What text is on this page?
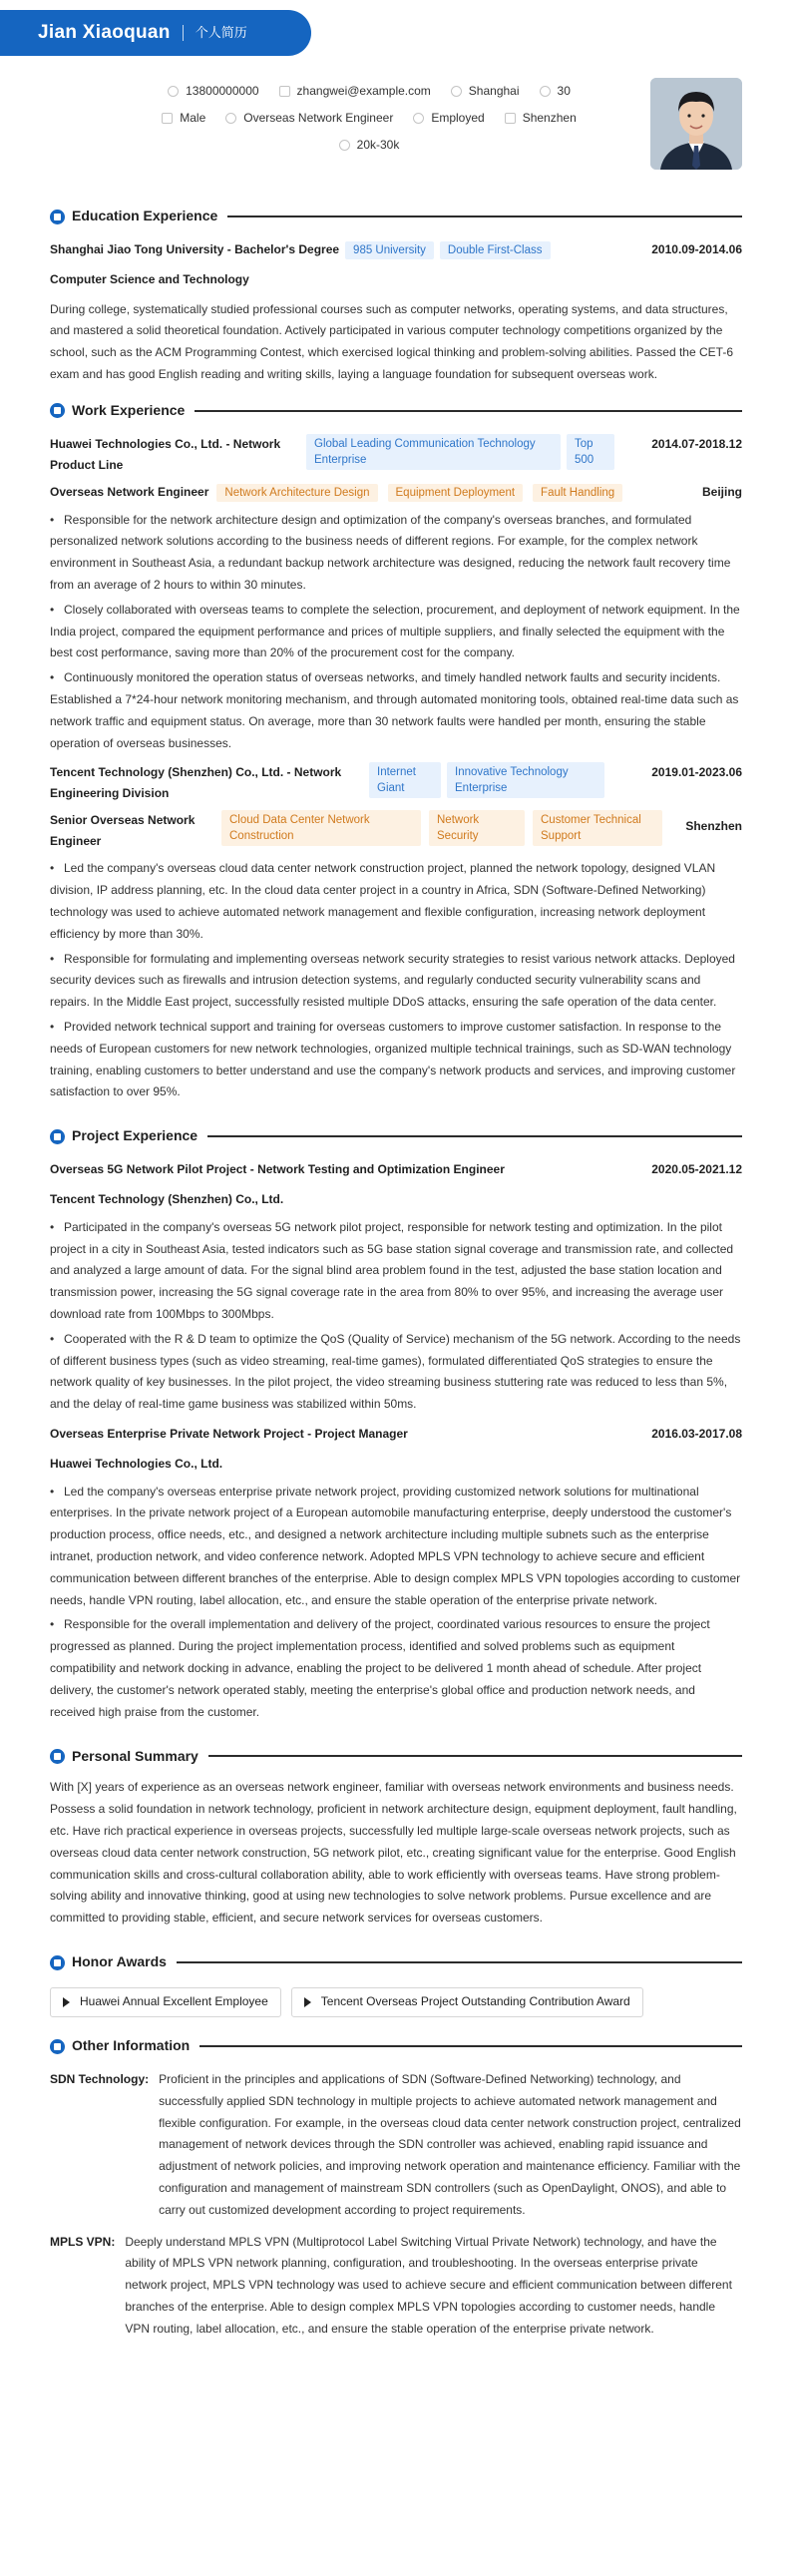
Jian Xiaoquan 个人简历
13800000000	zhangwei@example.com	Shanghai	30
Male	Overseas Network Engineer	Employed	Shenzhen
20k-30k
Education Experience
Shanghai Jiao Tong University - Bachelor's Degree 985 University Double First-Class	2010.09-2014.06
Computer Science and Technology
During college, systematically studied professional courses such as computer networks, operating systems, and data structures, and mastered a solid theoretical foundation. Actively participated in various computer technology competitions organized by the school, such as the ACM Programming Contest, which exercised logical thinking and problem-solving abilities. Passed the CET-6 exam and has good English reading and writing skills, laying a language foundation for subsequent overseas work.
Work Experience
Huawei Technologies Co., Ltd. - Network Product Line
Global Leading Communication Technology Enterprise
Top 500
2014.07-2018.12
Overseas Network Engineer Network Architecture Design Equipment Deployment Fault Handling	Beijing
• Responsible for the network architecture design and optimization of the company's overseas branches, and formulated personalized network solutions according to the business needs of different regions. For example, for the complex network environment in Southeast Asia, a redundant backup network architecture was designed, reducing the network fault recovery time from an average of 2 hours to within 30 minutes.
• Closely collaborated with overseas teams to complete the selection, procurement, and deployment of network equipment. In the India project, compared the equipment performance and prices of multiple suppliers, and finally selected the equipment with the best cost performance, saving more than 20% of the procurement cost for the company.
• Continuously monitored the operation status of overseas networks, and timely handled network faults and security incidents. Established a 7*24-hour network monitoring mechanism, and through automated monitoring tools, obtained real-time data such as network traffic and equipment status. On average, more than 30 network faults were handled per month, ensuring the stable operation of overseas businesses.
Tencent Technology (Shenzhen) Co., Ltd. - Network Engineering Division
Internet Giant
Innovative Technology Enterprise
2019.01-2023.06
Senior Overseas Network Engineer
Cloud Data Center Network Construction
Network Security
Customer Technical Support
Shenzhen
• Led the company's overseas cloud data center network construction project, planned the network topology, designed VLAN division, IP address planning, etc. In the cloud data center project in a country in Africa, SDN (Software-Defined Networking) technology was used to achieve automated network management and flexible configuration, increasing network deployment efficiency by more than 30%.
• Responsible for formulating and implementing overseas network security strategies to resist various network attacks. Deployed security devices such as firewalls and intrusion detection systems, and regularly conducted security vulnerability scans and repairs. In the Middle East project, successfully resisted multiple DDoS attacks, ensuring the safe operation of the data center.
• Provided network technical support and training for overseas customers to improve customer satisfaction. In response to the needs of European customers for new network technologies, organized multiple technical trainings, such as SD-WAN technology training, enabling customers to better understand and use the company's network products and services, and improving customer satisfaction to over 95%.
Project Experience
Overseas 5G Network Pilot Project - Network Testing and Optimization Engineer	2020.05-2021.12
Tencent Technology (Shenzhen) Co., Ltd.
• Participated in the company's overseas 5G network pilot project, responsible for network testing and optimization. In the pilot project in a city in Southeast Asia, tested indicators such as 5G base station signal coverage and transmission rate, and collected and analyzed a large amount of data. For the signal blind area problem found in the test, adjusted the base station location and transmission power, increasing the 5G signal coverage rate in the area from 80% to over 95%, and increasing the average user download rate from 100Mbps to 300Mbps.
• Cooperated with the R & D team to optimize the QoS (Quality of Service) mechanism of the 5G network. According to the needs of different business types (such as video streaming, real-time games), formulated differentiated QoS strategies to ensure the network quality of key businesses. In the pilot project, the video streaming business stuttering rate was reduced to less than 5%, and the delay of real-time game business was stabilized within 50ms.
Overseas Enterprise Private Network Project - Project Manager	2016.03-2017.08
Huawei Technologies Co., Ltd.
• Led the company's overseas enterprise private network project, providing customized network solutions for multinational enterprises. In the private network project of a European automobile manufacturing enterprise, deeply understood the customer's production process, office needs, etc., and designed a network architecture including multiple subnets such as the enterprise intranet, production network, and video conference network. Adopted MPLS VPN technology to achieve secure and efficient communication between different branches of the enterprise. Able to design complex MPLS VPN topologies according to customer needs, handle VPN routing, label allocation, etc., and ensure the stable operation of the enterprise private network.
• Responsible for the overall implementation and delivery of the project, coordinated various resources to ensure the project progressed as planned. During the project implementation process, identified and solved problems such as equipment compatibility and network docking in advance, enabling the project to be delivered 1 month ahead of schedule. After project delivery, the customer's network operated stably, meeting the enterprise's global office and production network needs, and received high praise from the customer.
Personal Summary
With [X] years of experience as an overseas network engineer, familiar with overseas network environments and business needs. Possess a solid foundation in network technology, proficient in network architecture design, equipment deployment, fault handling, etc. Have rich practical experience in overseas projects, successfully led multiple large-scale overseas network projects, such as overseas cloud data center network construction, 5G network pilot, etc., creating significant value for the enterprise. Good English communication skills and cross-cultural collaboration ability, able to work efficiently with overseas teams. Have strong problem-solving ability and innovative thinking, good at using new technologies to solve network problems. Pursue excellence and are committed to providing stable, efficient, and secure network services for overseas customers.
Honor Awards
Huawei Annual Excellent Employee	Tencent Overseas Project Outstanding Contribution Award
Other Information
SDN Technology: Proficient in the principles and applications of SDN (Software-Defined Networking) technology, and successfully applied SDN technology in multiple projects to achieve automated network management and flexible configuration. For example, in the overseas cloud data center network construction project, centralized management of network devices through the SDN controller was achieved, enabling rapid issuance and adjustment of network policies, and improving network operation and maintenance efficiency. Familiar with the configuration and management of mainstream SDN controllers (such as OpenDaylight, ONOS), and able to carry out customized development according to project requirements.
MPLS VPN: Deeply understand MPLS VPN (Multiprotocol Label Switching Virtual Private Network) technology, and have the ability of MPLS VPN network planning, configuration, and troubleshooting. In the overseas enterprise private network project, MPLS VPN technology was used to achieve secure and efficient communication between different branches of the enterprise. Able to design complex MPLS VPN topologies according to customer needs, handle VPN routing, label allocation, etc., and ensure the stable operation of the enterprise private network.
